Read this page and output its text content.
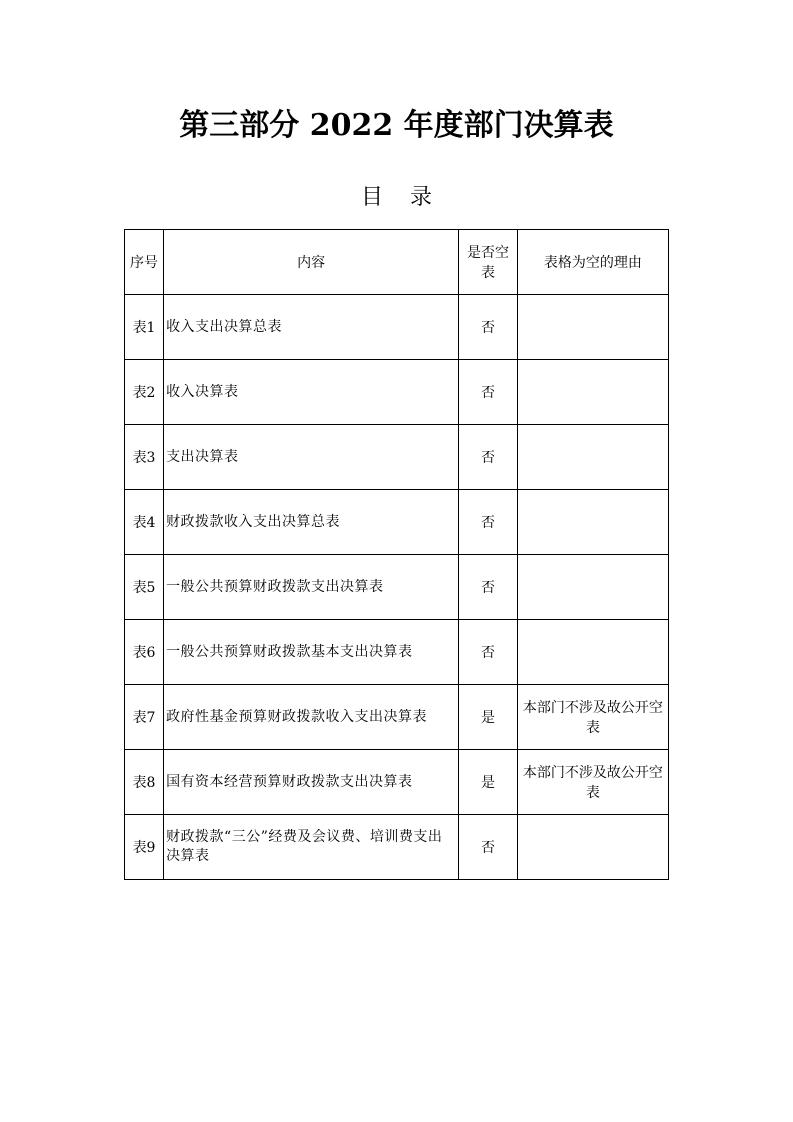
第三部分 2022 年度部门决算表
目 录
序号	内容	是否空表	表格为空的理由
表1	收入支出决算总表	否	
表2	收入决算表	否	
表3	支出决算表	否	
表4	财政拨款收入支出决算总表	否	
表5	一般公共预算财政拨款支出决算表	否	
表6	一般公共预算财政拨款基本支出决算表	否	
表7	政府性基金预算财政拨款收入支出决算表	是	本部门不涉及故公开空表
表8	国有资本经营预算财政拨款支出决算表	是	本部门不涉及故公开空表
表9	财政拨款“三公”经费及会议费、培训费支出决算表	否	
